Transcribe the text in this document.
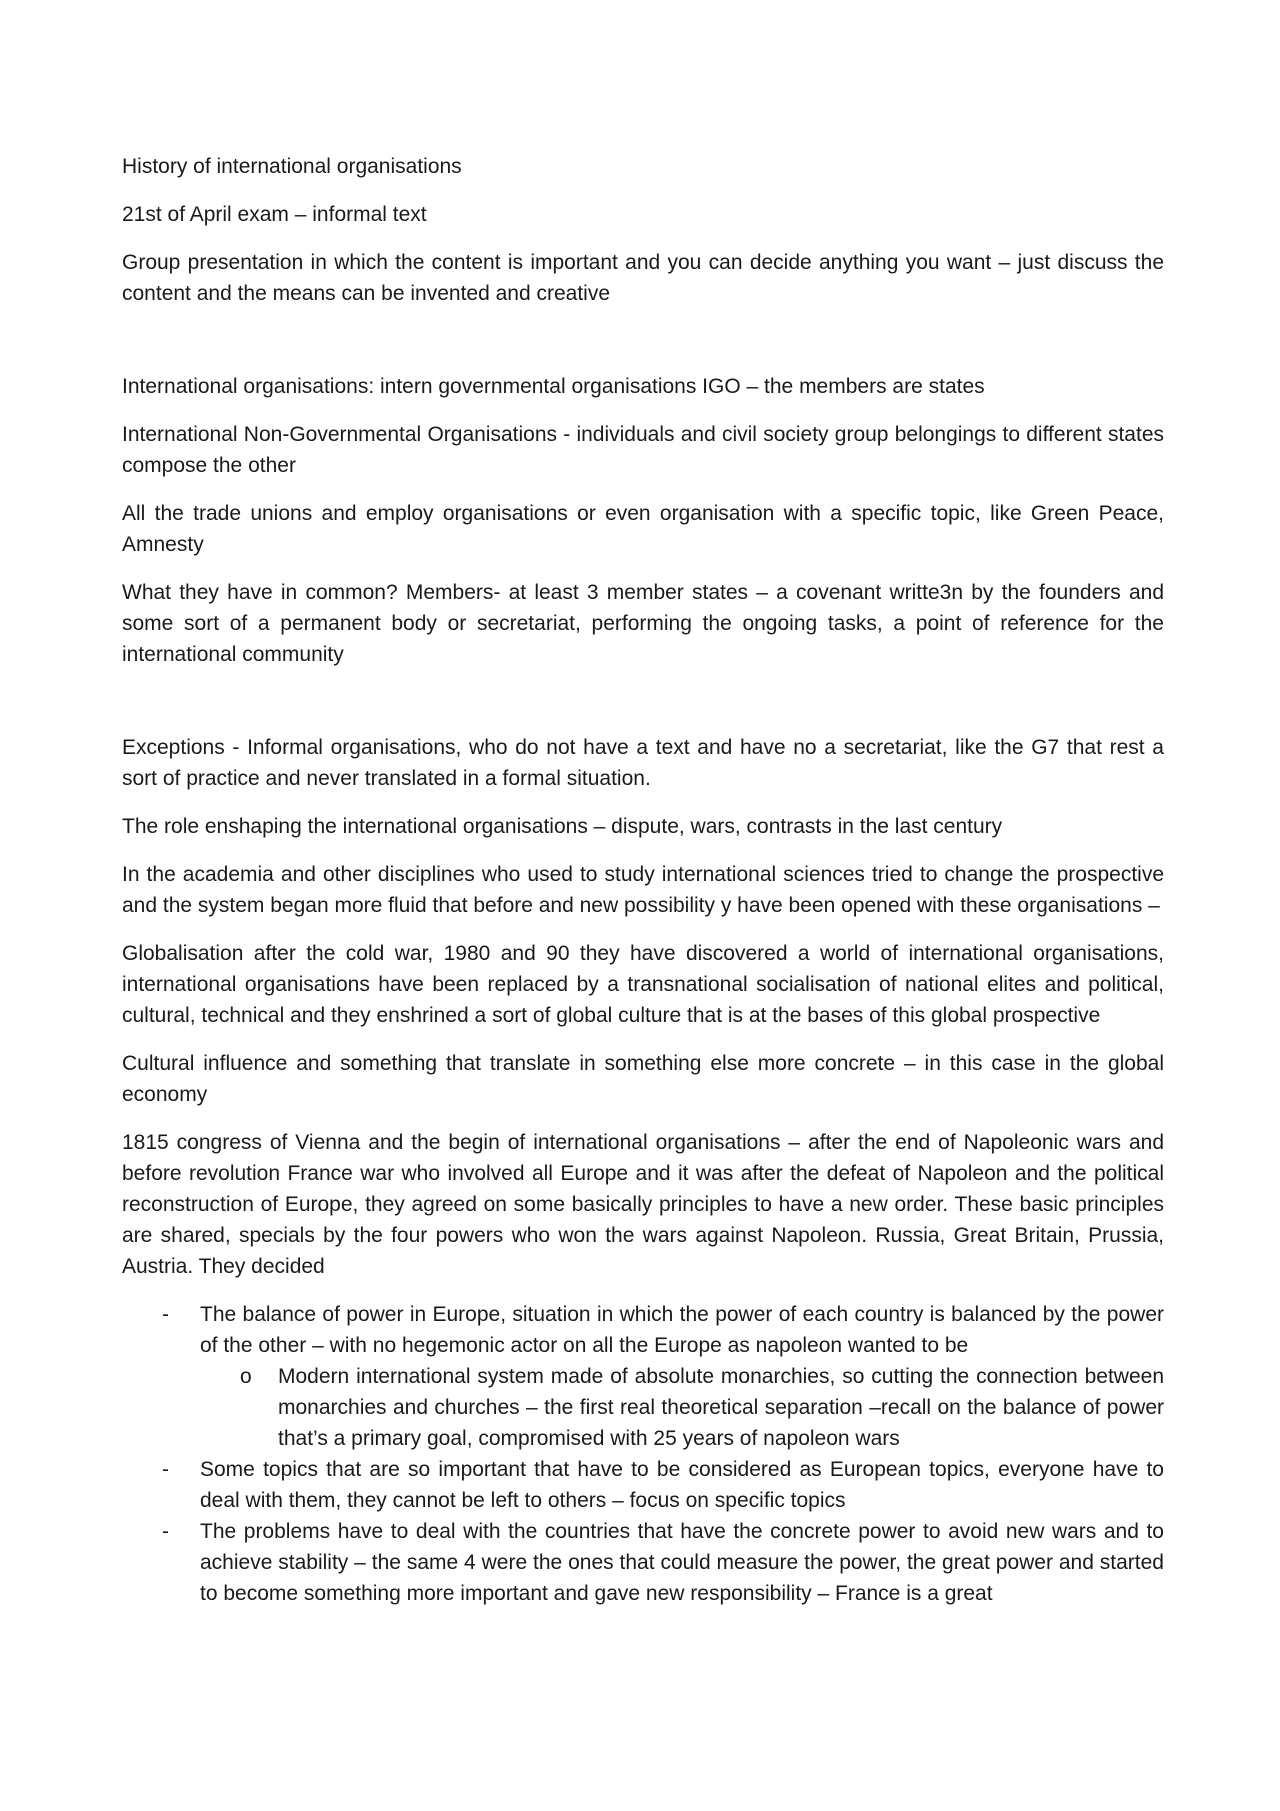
History of international organisations

21st of April exam – informal text

Group presentation in which the content is important and you can decide anything you want – just discuss the content and the means can be invented and creative

International organisations: intern governmental organisations IGO – the members are states

International Non-Governmental Organisations - individuals and civil society group belongings to different states compose the other

All the trade unions and employ organisations or even organisation with a specific topic, like Green Peace, Amnesty

What they have in common? Members- at least 3 member states – a covenant writte3n by the founders and some sort of a permanent body or secretariat, performing the ongoing tasks, a point of reference for the international community

Exceptions - Informal organisations, who do not have a text and have no a secretariat, like the G7 that rest a sort of practice and never translated in a formal situation.

The role enshaping the international organisations – dispute, wars, contrasts in the last century

In the academia and other disciplines who used to study international sciences tried to change the prospective and the system began more fluid that before and new possibility y have been opened with these organisations –

Globalisation after the cold war, 1980 and 90 they have discovered a world of international organisations, international organisations have been replaced by a transnational socialisation of national elites and political, cultural, technical and they enshrined a sort of global culture that is at the bases of this global prospective

Cultural influence and something that translate in something else more concrete – in this case in the global economy

1815 congress of Vienna and the begin of international organisations – after the end of Napoleonic wars and before revolution France war who involved all Europe and it was after the defeat of Napoleon and the political reconstruction of Europe, they agreed on some basically principles to have a new order. These basic principles are shared, specials by the four powers who won the wars against Napoleon. Russia, Great Britain, Prussia, Austria. They decided

- The balance of power in Europe, situation in which the power of each country is balanced by the power of the other – with no hegemonic actor on all the Europe as napoleon wanted to be
o Modern international system made of absolute monarchies, so cutting the connection between monarchies and churches – the first real theoretical separation –recall on the balance of power that’s a primary goal, compromised with 25 years of napoleon wars
- Some topics that are so important that have to be considered as European topics, everyone have to deal with them, they cannot be left to others – focus on specific topics
- The problems have to deal with the countries that have the concrete power to avoid new wars and to achieve stability – the same 4 were the ones that could measure the power, the great power and started to become something more important and gave new responsibility – France is a great
